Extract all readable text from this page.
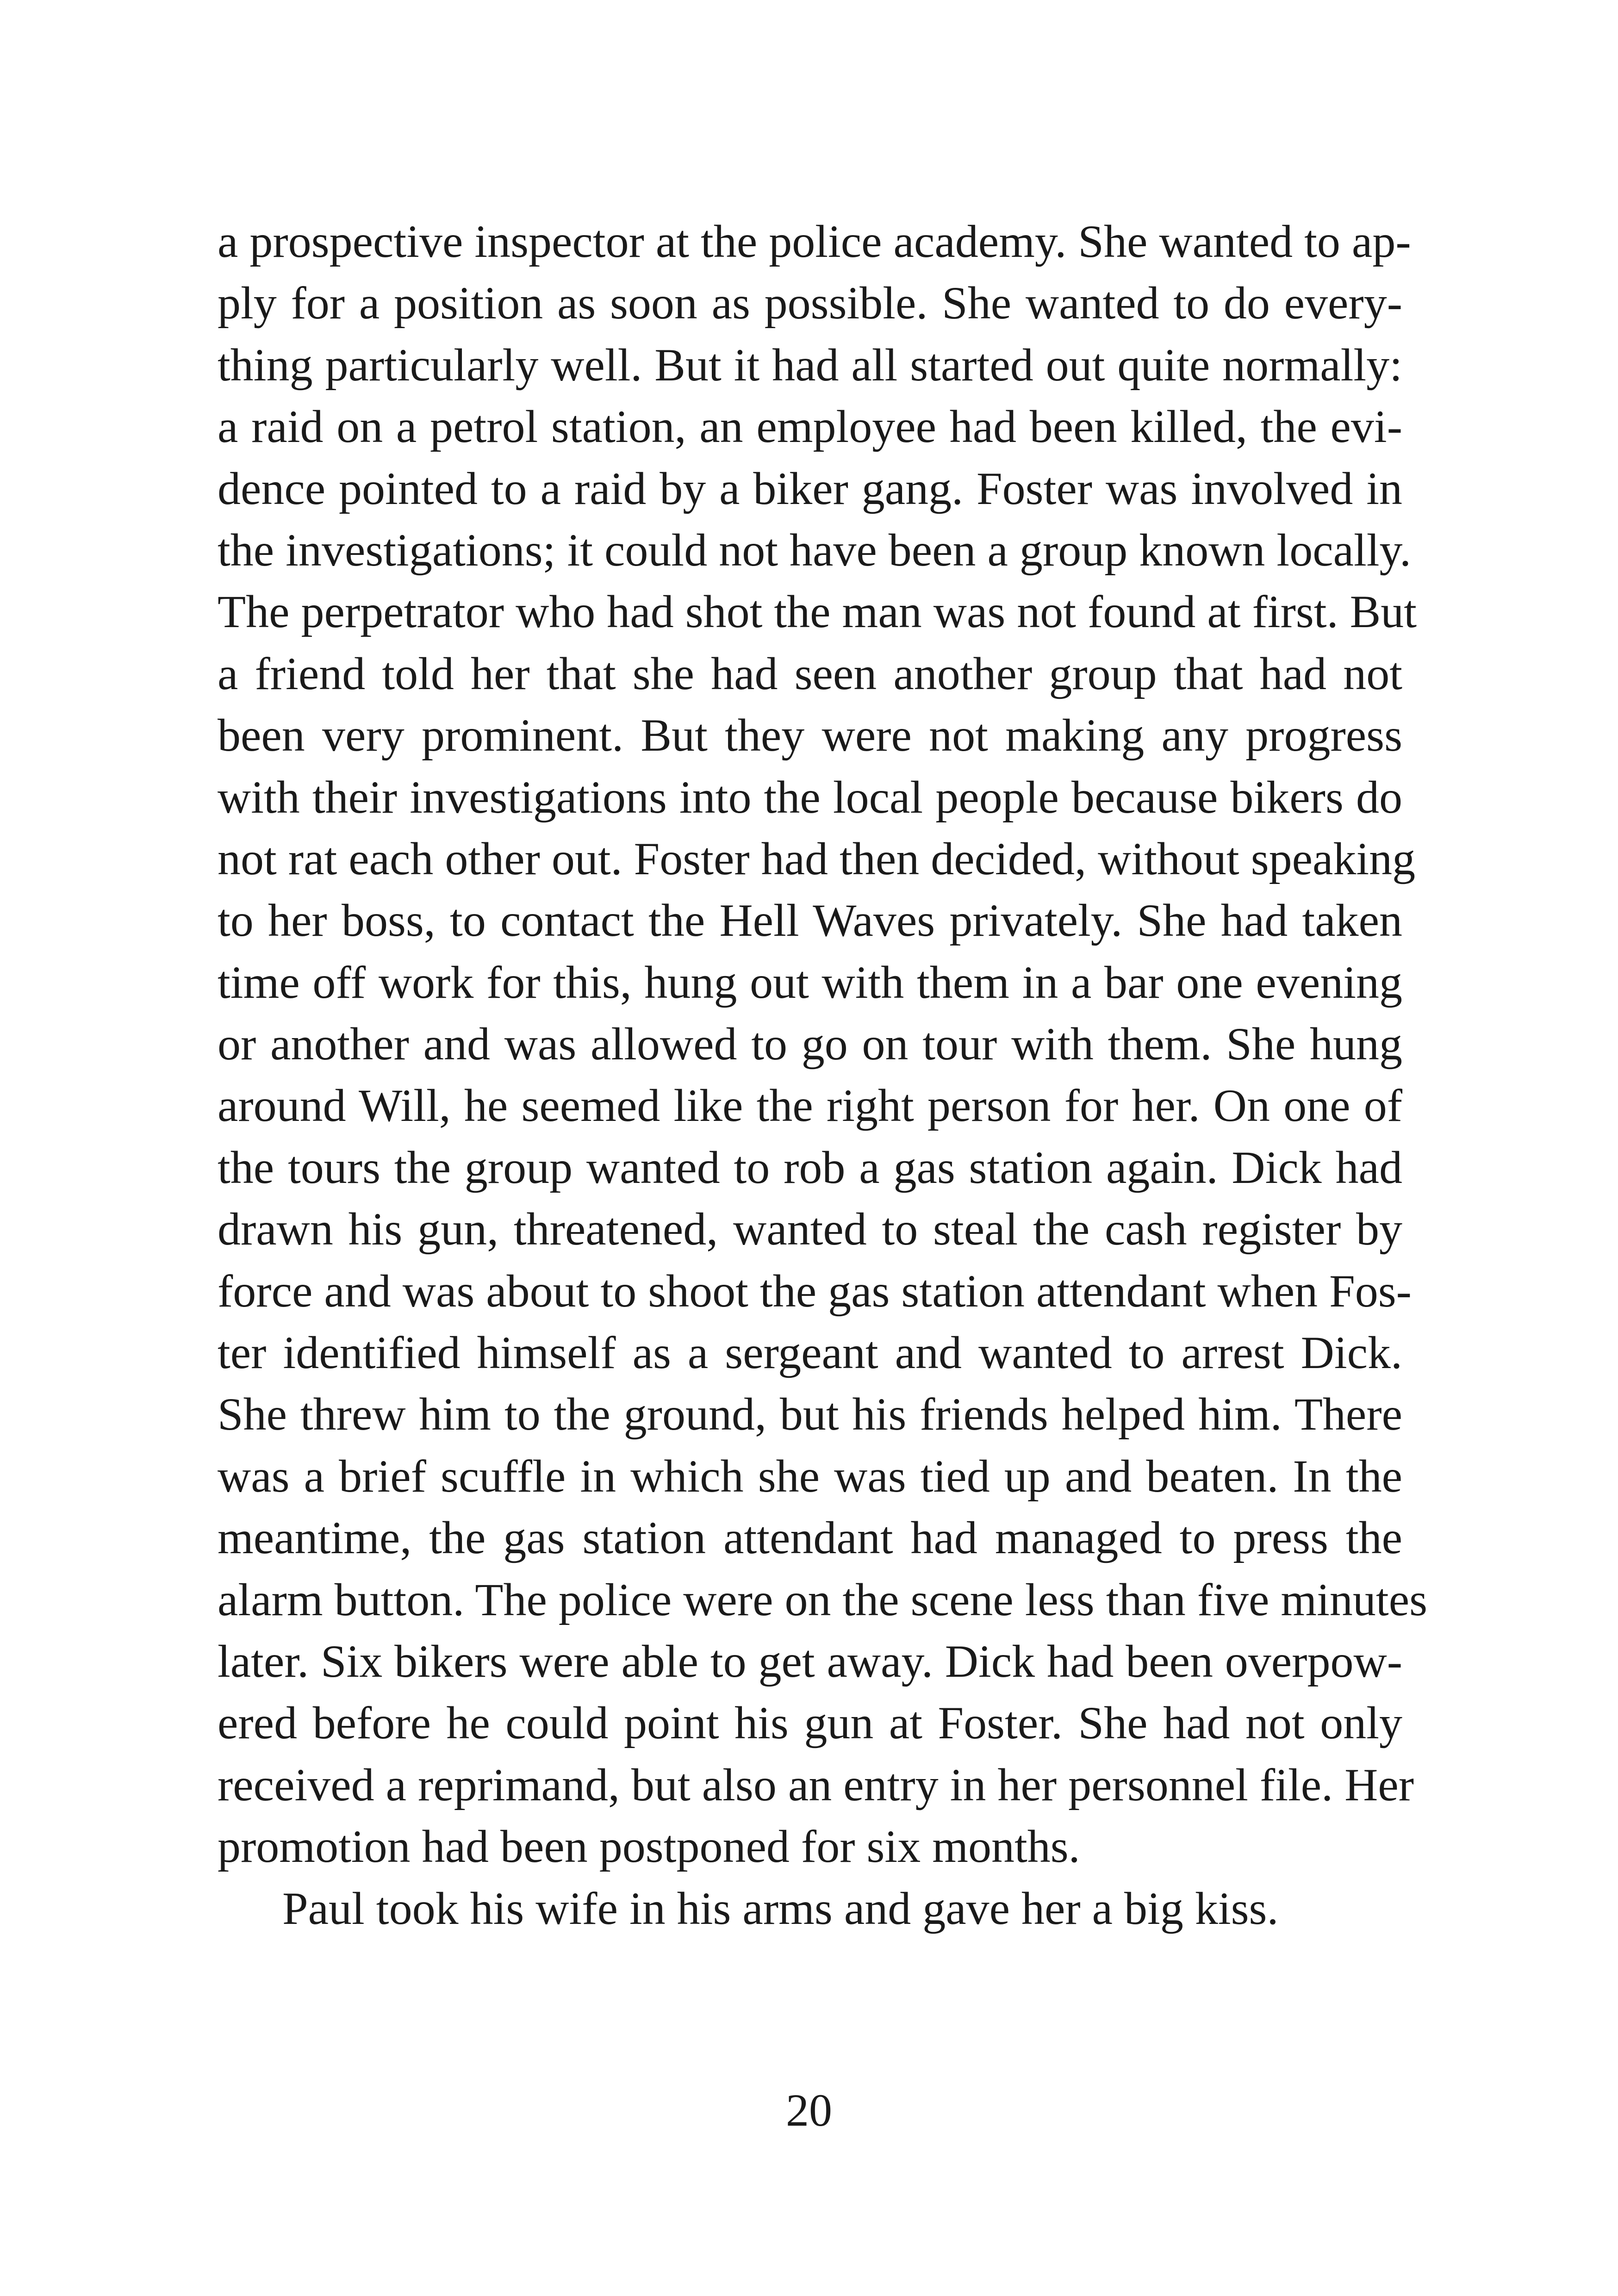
a prospective inspector at the police academy. She wanted to ap-
ply for a position as soon as possible. She wanted to do every-
thing particularly well. But it had all started out quite normally:
a raid on a petrol station, an employee had been killed, the evi-
dence pointed to a raid by a biker gang. Foster was involved in
the investigations; it could not have been a group known locally.
The perpetrator who had shot the man was not found at first. But
a friend told her that she had seen another group that had not
been very prominent. But they were not making any progress
with their investigations into the local people because bikers do
not rat each other out. Foster had then decided, without speaking
to her boss, to contact the Hell Waves privately. She had taken
time off work for this, hung out with them in a bar one evening
or another and was allowed to go on tour with them. She hung
around Will, he seemed like the right person for her. On one of
the tours the group wanted to rob a gas station again. Dick had
drawn his gun, threatened, wanted to steal the cash register by
force and was about to shoot the gas station attendant when Fos-
ter identified himself as a sergeant and wanted to arrest Dick.
She threw him to the ground, but his friends helped him. There
was a brief scuffle in which she was tied up and beaten. In the
meantime, the gas station attendant had managed to press the
alarm button. The police were on the scene less than five minutes
later. Six bikers were able to get away. Dick had been overpow-
ered before he could point his gun at Foster. She had not only
received a reprimand, but also an entry in her personnel file. Her
promotion had been postponed for six months.
Paul took his wife in his arms and gave her a big kiss.
20
